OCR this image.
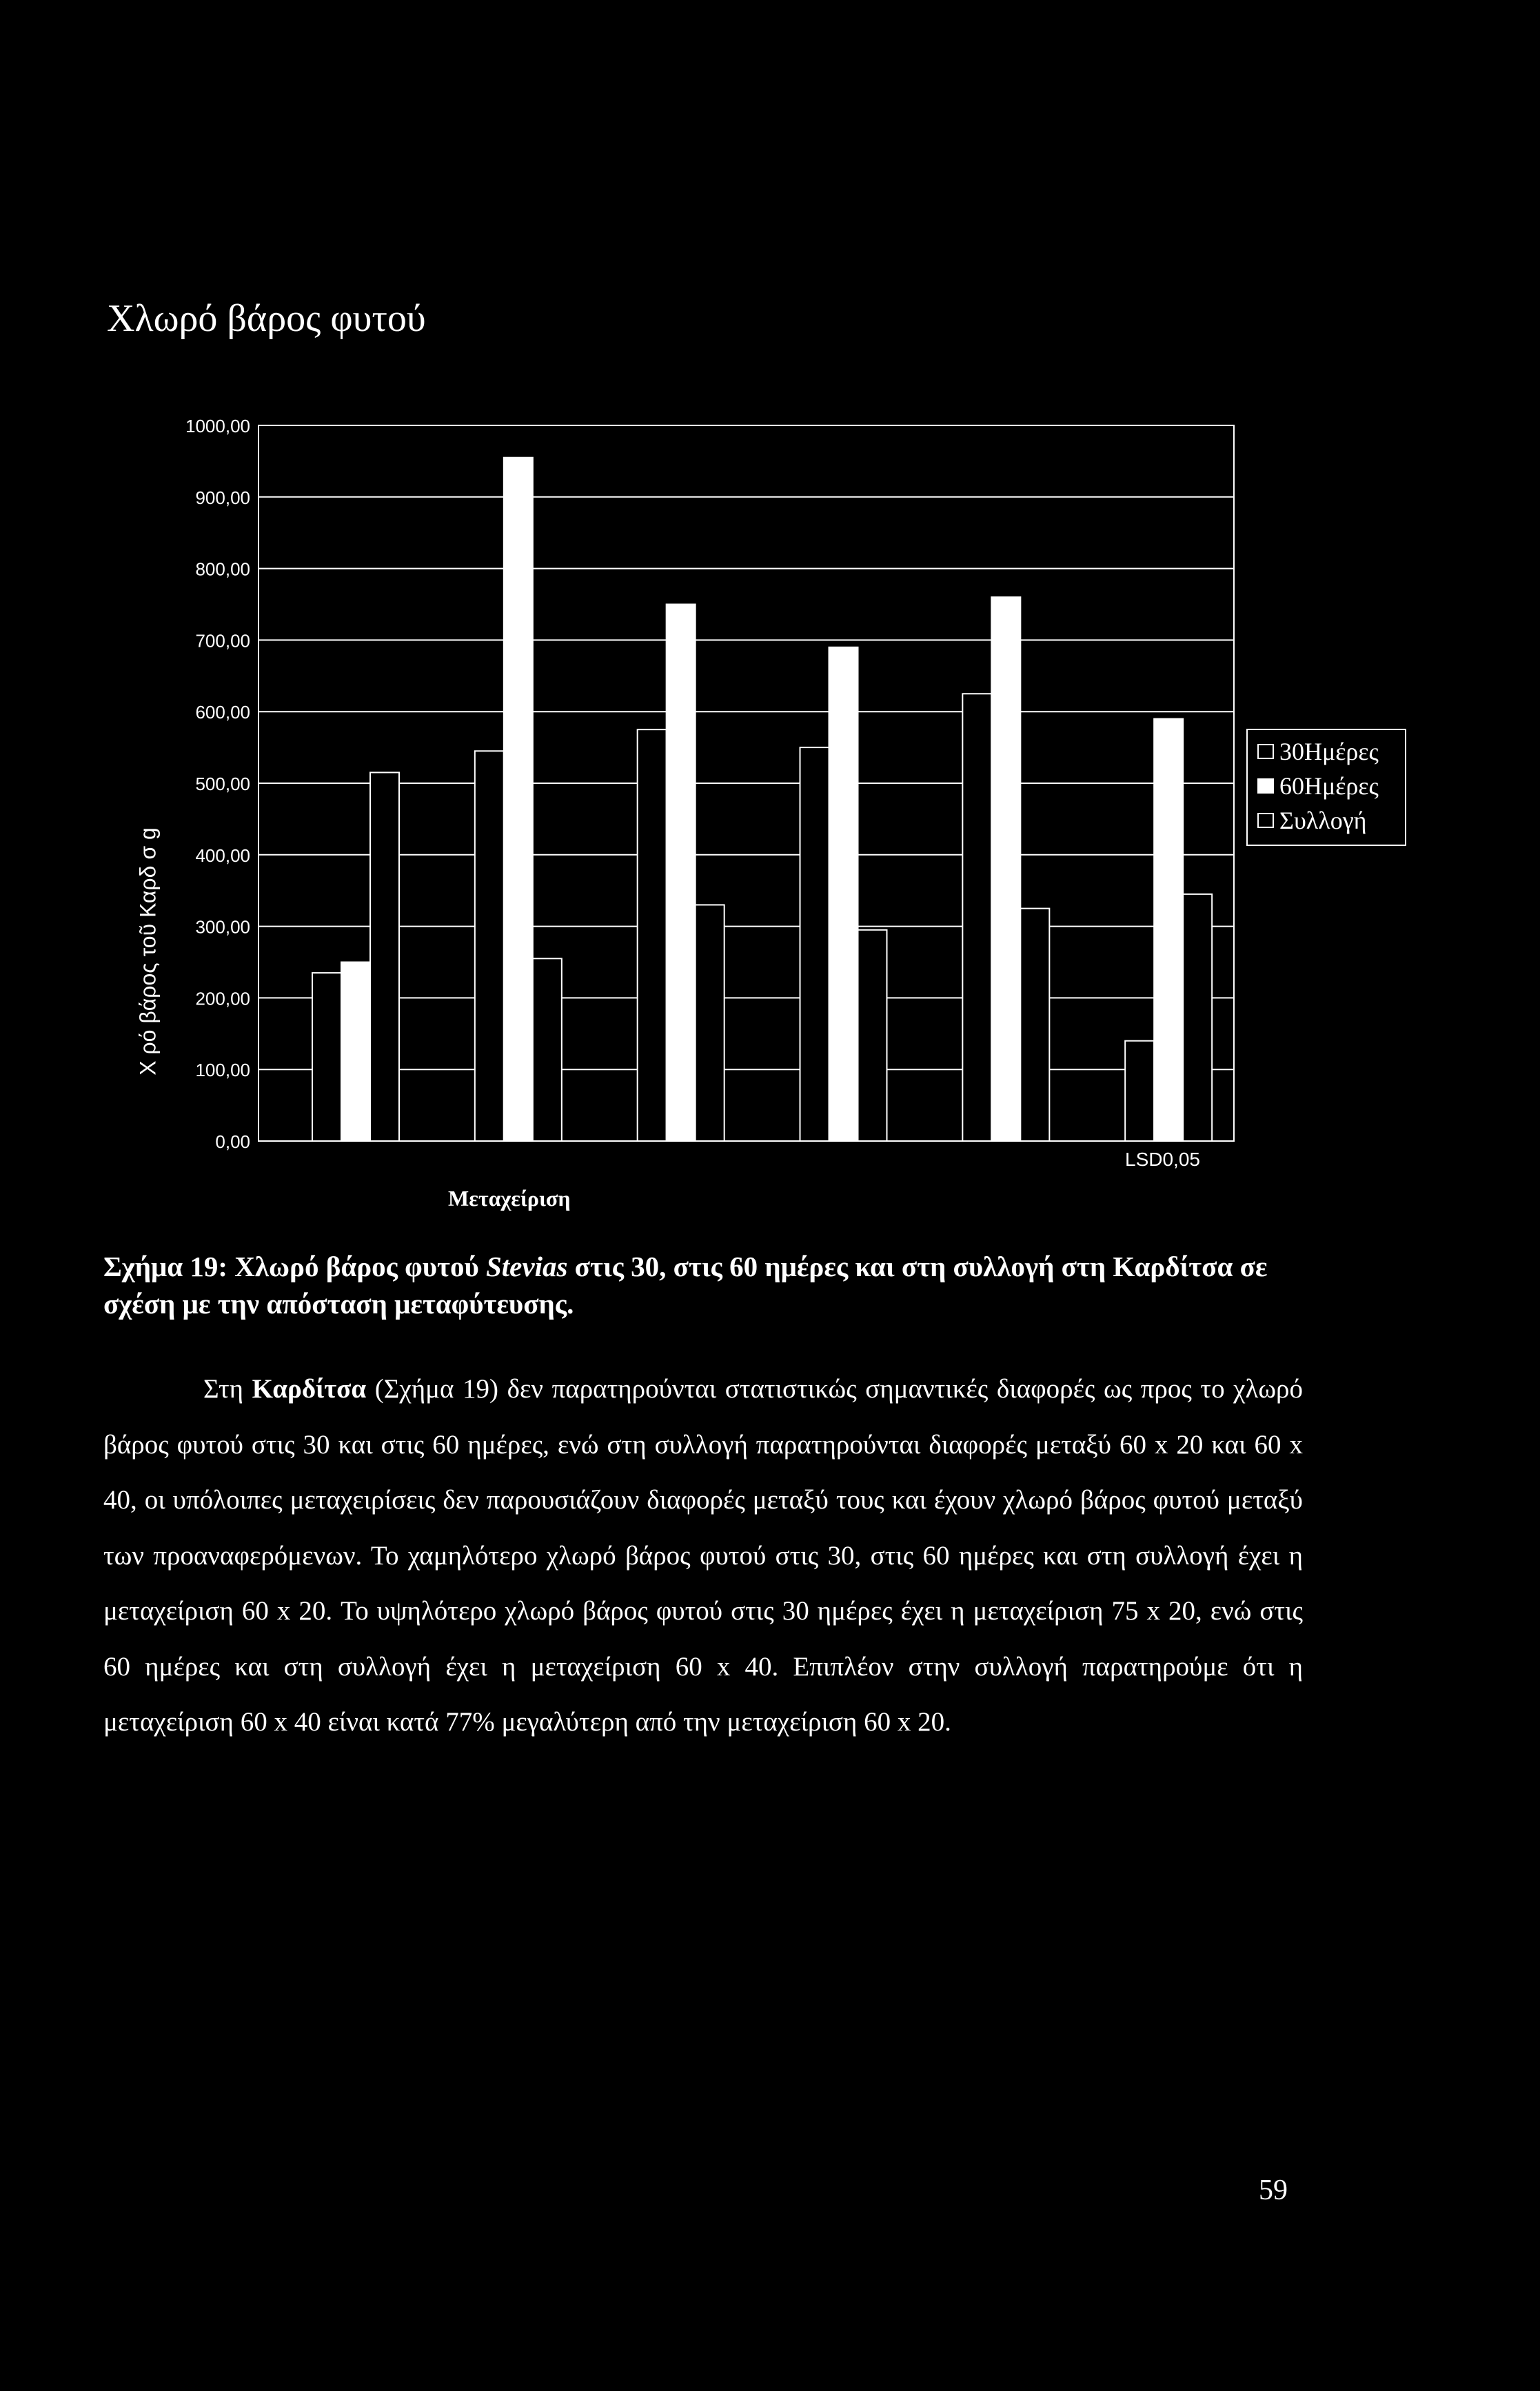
Χλωρό βάρος φυτού
0,00
100,00
200,00
300,00
400,00
500,00
600,00
700,00
800,00
900,00
1000,00
Χ ρό βάρος τοῦ Καρδ σ g
30Ημέρες
60Ημέρες
Συλλογή
LSD0,05
Μεταχείριση
Σχήμα 19: Χλωρό βάρος φυτού Stevias στις 30, στις 60 ημέρες και στη συλλογή στη Καρδίτσα σε σχέση με την απόσταση μεταφύτευσης.

Στη Καρδίτσα (Σχήμα 19) δεν παρατηρούνται στατιστικώς σημαντικές διαφορές ως προς το χλωρό βάρος φυτού στις 30 και στις 60 ημέρες, ενώ στη συλλογή παρατηρούνται διαφορές μεταξύ 60 x 20 και 60 x 40, οι υπόλοιπες μεταχειρίσεις δεν παρουσιάζουν διαφορές μεταξύ τους και έχουν χλωρό βάρος φυτού μεταξύ των προαναφερόμενων. Το χαμηλότερο χλωρό βάρος φυτού στις 30, στις 60 ημέρες και στη συλλογή έχει η μεταχείριση 60 x 20. Το υψηλότερο χλωρό βάρος φυτού στις 30 ημέρες έχει η μεταχείριση 75 x 20, ενώ στις 60 ημέρες και στη συλλογή έχει η μεταχείριση 60 x 40. Επιπλέον στην συλλογή παρατηρούμε ότι η μεταχείριση 60 x 40 είναι κατά 77% μεγαλύτερη από την μεταχείριση 60 x 20.

59
